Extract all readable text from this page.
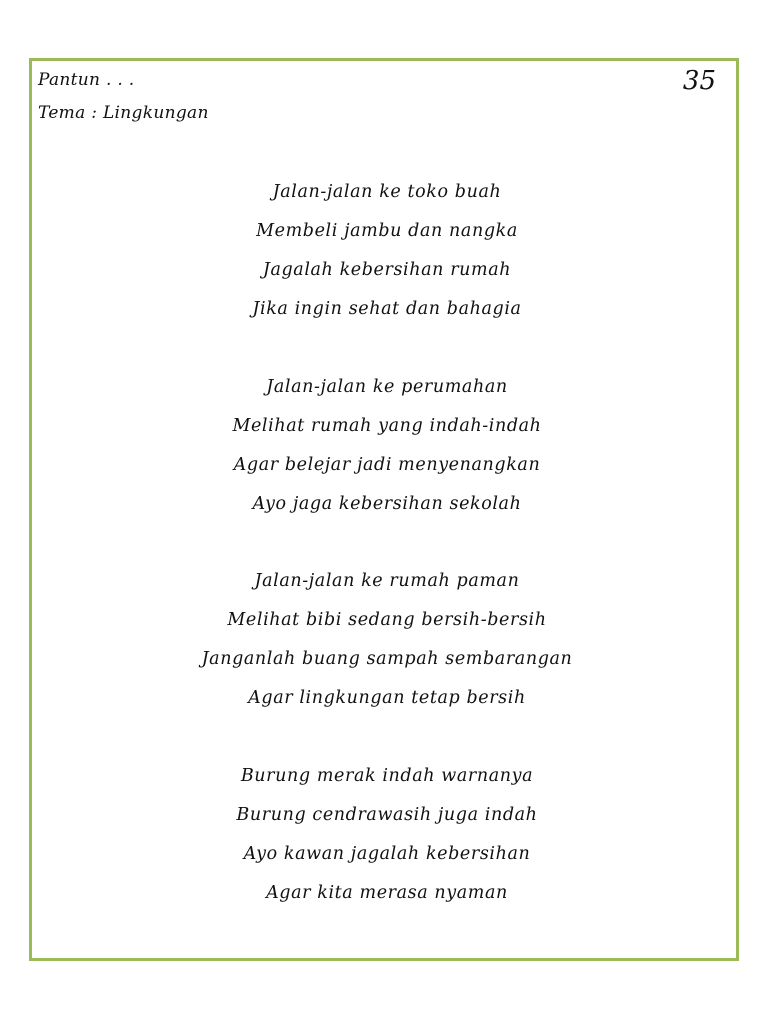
Pantun . . .
Tema : Lingkungan
35
Jalan-jalan ke toko buah
Membeli jambu dan nangka
Jagalah kebersihan rumah
Jika ingin sehat dan bahagia
Jalan-jalan ke perumahan
Melihat rumah yang indah-indah
Agar belejar jadi menyenangkan
Ayo jaga kebersihan sekolah
Jalan-jalan ke rumah paman
Melihat bibi sedang bersih-bersih
Janganlah buang sampah sembarangan
Agar lingkungan tetap bersih
Burung merak indah warnanya
Burung cendrawasih juga indah
Ayo kawan jagalah kebersihan
Agar kita merasa nyaman
